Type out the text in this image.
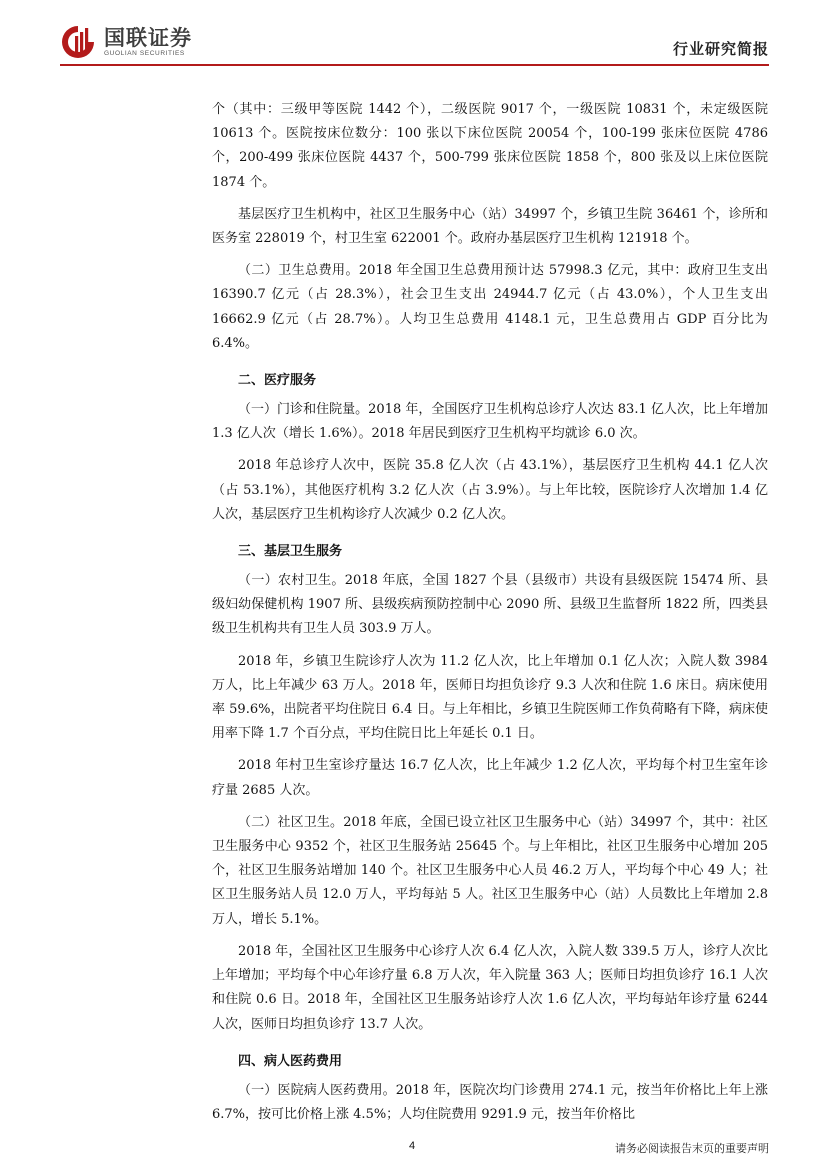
国联证券
GUOLIAN SECURITIES	行业研究简报

个（其中：三级甲等医院 1442 个），二级医院 9017 个，一级医院 10831 个，未定级医院 10613 个。医院按床位数分：100 张以下床位医院 20054 个，100-199 张床位医院 4786 个，200-499 张床位医院 4437 个，500-799 张床位医院 1858 个，800 张及以上床位医院 1874 个。

基层医疗卫生机构中，社区卫生服务中心（站）34997 个，乡镇卫生院 36461 个，诊所和医务室 228019 个，村卫生室 622001 个。政府办基层医疗卫生机构 121918 个。

（二）卫生总费用。2018 年全国卫生总费用预计达 57998.3 亿元，其中：政府卫生支出 16390.7 亿元（占 28.3%），社会卫生支出 24944.7 亿元（占 43.0%），个人卫生支出 16662.9 亿元（占 28.7%）。人均卫生总费用 4148.1 元，卫生总费用占 GDP 百分比为 6.4%。

二、医疗服务

（一）门诊和住院量。2018 年，全国医疗卫生机构总诊疗人次达 83.1 亿人次，比上年增加 1.3 亿人次（增长 1.6%）。2018 年居民到医疗卫生机构平均就诊 6.0 次。

2018 年总诊疗人次中，医院 35.8 亿人次（占 43.1%），基层医疗卫生机构 44.1 亿人次（占 53.1%），其他医疗机构 3.2 亿人次（占 3.9%）。与上年比较，医院诊疗人次增加 1.4 亿人次，基层医疗卫生机构诊疗人次减少 0.2 亿人次。

三、基层卫生服务

（一）农村卫生。2018 年底，全国 1827 个县（县级市）共设有县级医院 15474 所、县级妇幼保健机构 1907 所、县级疾病预防控制中心 2090 所、县级卫生监督所 1822 所，四类县级卫生机构共有卫生人员 303.9 万人。

2018 年，乡镇卫生院诊疗人次为 11.2 亿人次，比上年增加 0.1 亿人次；入院人数 3984 万人，比上年减少 63 万人。2018 年，医师日均担负诊疗 9.3 人次和住院 1.6 床日。病床使用率 59.6%，出院者平均住院日 6.4 日。与上年相比，乡镇卫生院医师工作负荷略有下降，病床使用率下降 1.7 个百分点，平均住院日比上年延长 0.1 日。

2018 年村卫生室诊疗量达 16.7 亿人次，比上年减少 1.2 亿人次，平均每个村卫生室年诊疗量 2685 人次。

（二）社区卫生。2018 年底，全国已设立社区卫生服务中心（站）34997 个，其中：社区卫生服务中心 9352 个，社区卫生服务站 25645 个。与上年相比，社区卫生服务中心增加 205 个，社区卫生服务站增加 140 个。社区卫生服务中心人员 46.2 万人，平均每个中心 49 人；社区卫生服务站人员 12.0 万人，平均每站 5 人。社区卫生服务中心（站）人员数比上年增加 2.8 万人，增长 5.1%。

2018 年，全国社区卫生服务中心诊疗人次 6.4 亿人次，入院人数 339.5 万人，诊疗人次比上年增加；平均每个中心年诊疗量 6.8 万人次，年入院量 363 人；医师日均担负诊疗 16.1 人次和住院 0.6 日。2018 年，全国社区卫生服务站诊疗人次 1.6 亿人次，平均每站年诊疗量 6244 人次，医师日均担负诊疗 13.7 人次。

四、病人医药费用

（一）医院病人医药费用。2018 年，医院次均门诊费用 274.1 元，按当年价格比上年上涨 6.7%，按可比价格上涨 4.5%；人均住院费用 9291.9 元，按当年价格比

4	请务必阅读报告末页的重要声明
